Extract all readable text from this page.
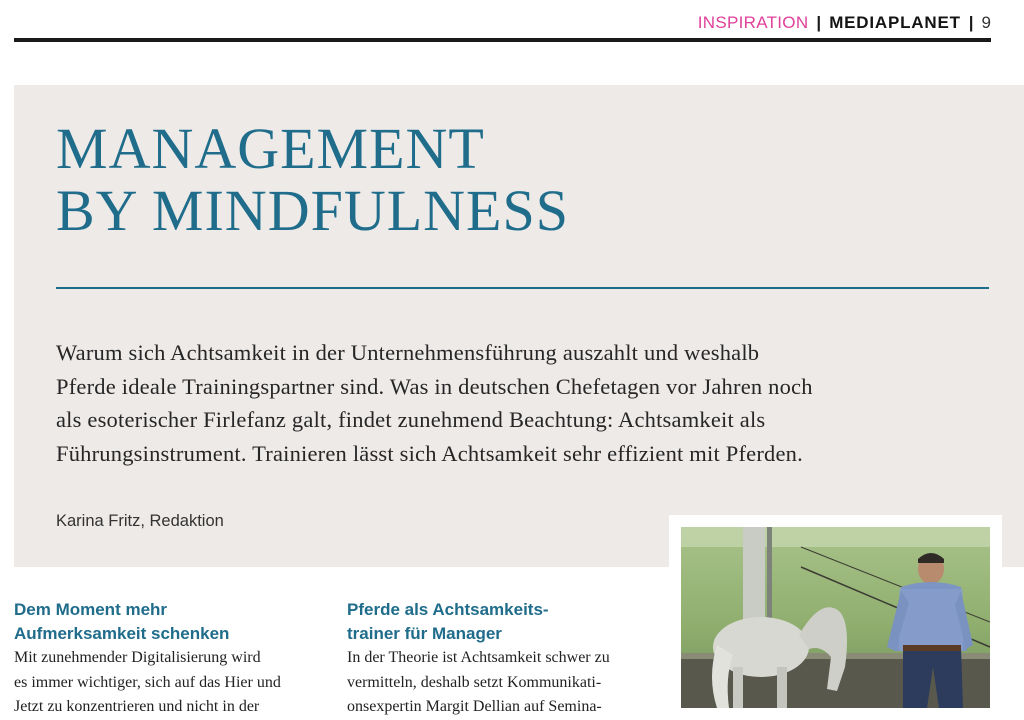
INSPIRATION | MEDIAPLANET | 9
MANAGEMENT
BY MINDFULNESS

Warum sich Achtsamkeit in der Unternehmensführung auszahlt und weshalb
Pferde ideale Trainingspartner sind. Was in deutschen Chefetagen vor Jahren noch
als esoterischer Firlefanz galt, findet zunehmend Beachtung: Achtsamkeit als
Führungsinstrument. Trainieren lässt sich Achtsamkeit sehr effizient mit Pferden.

Karina Fritz, Redaktion

Dem Moment mehr
Aufmerksamkeit schenken

Mit zunehmender Digitalisierung wird
es immer wichtiger, sich auf das Hier und
Jetzt zu konzentrieren und nicht in der

Pferde als Achtsamkeits-
trainer für Manager

In der Theorie ist Achtsamkeit schwer zu
vermitteln, deshalb setzt Kommunikati-
onsexpertin Margit Dellian auf Semina-
